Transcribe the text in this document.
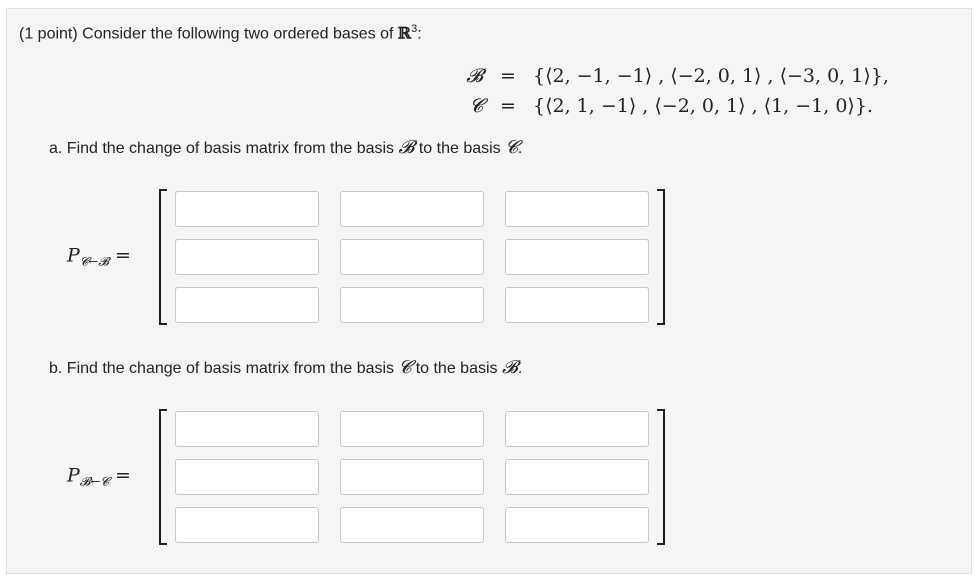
(1 point) Consider the following two ordered bases of ℝ$^3$:
𝓑 = {⟨2, −1, −1⟩ , ⟨−2, 0, 1⟩ , ⟨−3, 0, 1⟩},
𝓒 = {⟨2, 1, −1⟩ , ⟨−2, 0, 1⟩ , ⟨1, −1, 0⟩}.
a. Find the change of basis matrix from the basis 𝓑 to the basis 𝓒.
$P_{𝓒\leftarrow 𝓑}$ =
b. Find the change of basis matrix from the basis 𝓒 to the basis 𝓑.
$P_{𝓑\leftarrow 𝓒}$ =
